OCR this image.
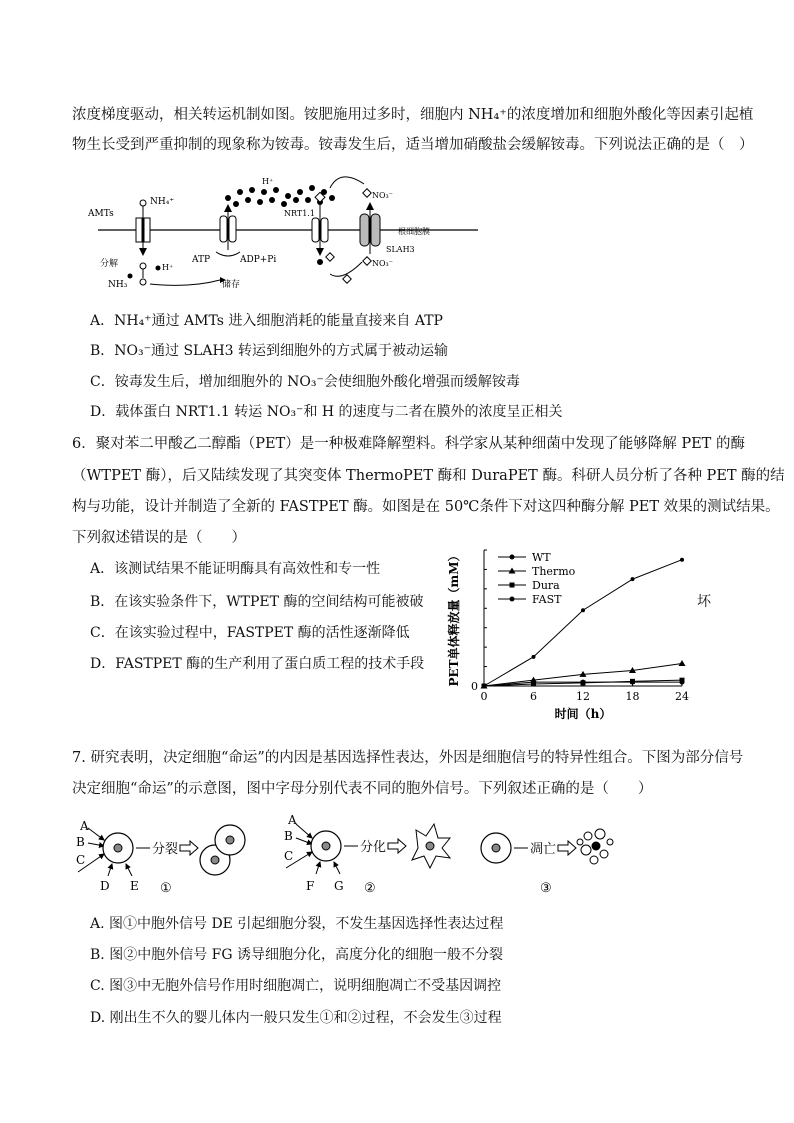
浓度梯度驱动，相关转运机制如图。铵肥施用过多时，细胞内 NH₄⁺的浓度增加和细胞外酸化等因素引起植
物生长受到严重抑制的现象称为铵毒。铵毒发生后，适当增加硝酸盐会缓解铵毒。下列说法正确的是（　）
AMTs
NH₄⁺
分解	H⁺
NH₃	储存
ATP	ADP+Pi
H⁺
NRT1.1
SLAH3
NO₃⁻
NO₃⁻
根细胞膜
A．NH₄⁺通过 AMTs 进入细胞消耗的能量直接来自 ATP
B．NO₃⁻通过 SLAH3 转运到细胞外的方式属于被动运输
C．铵毒发生后，增加细胞外的 NO₃⁻会使细胞外酸化增强而缓解铵毒
D．载体蛋白 NRT1.1 转运 NO₃⁻和 H 的速度与二者在膜外的浓度呈正相关
6．聚对苯二甲酸乙二醇酯（PET）是一种极难降解塑料。科学家从某种细菌中发现了能够降解 PET 的酶
（WTPET 酶），后又陆续发现了其突变体 ThermoPET 酶和 DuraPET 酶。科研人员分析了各种 PET 酶的结
构与功能，设计并制造了全新的 FASTPET 酶。如图是在 50℃条件下对这四种酶分解 PET 效果的测试结果。
下列叙述错误的是（　　）
A．该测试结果不能证明酶具有高效性和专一性
B．在该实验条件下，WTPET 酶的空间结构可能被破	坏
C．在该实验过程中，FASTPET 酶的活性逐渐降低
D．FASTPET 酶的生产利用了蛋白质工程的技术手段
0	6	12	18	24
0
时间（h）
PET单体释放量（mM）	WT
Thermo
Dura
FAST
7. 研究表明，决定细胞“命运”的内因是基因选择性表达，外因是细胞信号的特异性组合。下图为部分信号
决定细胞“命运”的示意图，图中字母分别代表不同的胞外信号。下列叙述正确的是（　　）
A
B
C
D E
分裂
①
A
B
C
F G
分化
②
凋亡
③
A. 图①中胞外信号 DE 引起细胞分裂，不发生基因选择性表达过程
B. 图②中胞外信号 FG 诱导细胞分化，高度分化的细胞一般不分裂
C. 图③中无胞外信号作用时细胞凋亡，说明细胞凋亡不受基因调控
D. 刚出生不久的婴儿体内一般只发生①和②过程，不会发生③过程
